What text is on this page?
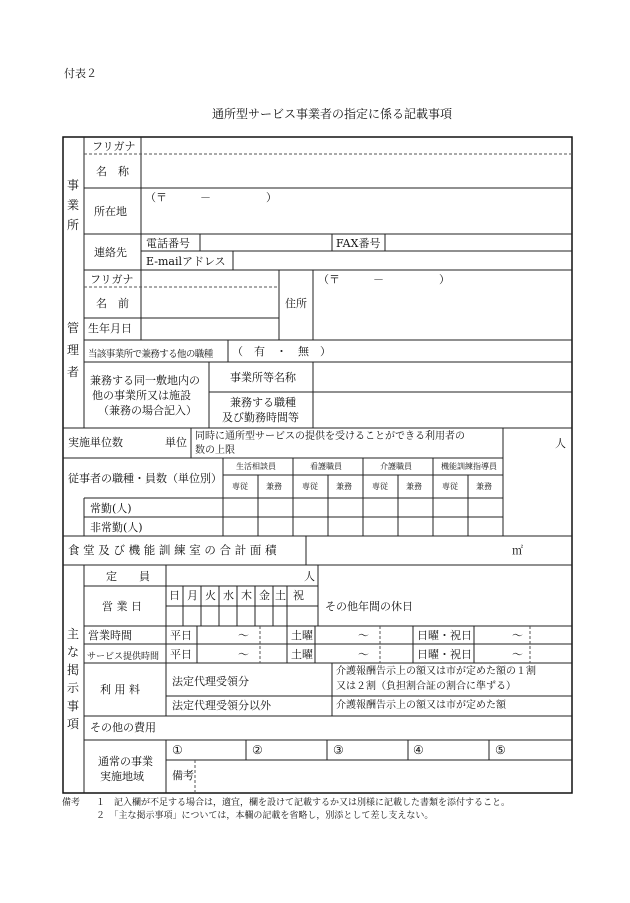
付表２
通所型サービス事業者の指定に係る記載事項
事
業
所
フリガナ
名　称
所在地
（〒　　　－　　　　　）
連絡先
電話番号	FAX番号
E-mailアドレス
管
理
者
フリガナ
名　前
生年月日
住所
（〒　　　－　　　　　）
当該事業所で兼務する他の職種 （　有　・　無　）
兼務する同一敷地内の
他の事業所又は施設
（兼務の場合記入）
事業所等名称
兼務する職種
及び勤務時間等
実施単位数	単位 同時に通所型サービスの提供を受けることができる利用者の
数の上限
人
従事者の職種・員数（単位別）
生活相談員	看護職員	介護職員	機能訓練指導員
専従 兼務	専従 兼務	専従 兼務	専従 兼務
常勤(人)
非常勤(人)
食 堂 及 び 機 能 訓 練 室 の 合 計 面 積	㎡
主
な
掲
示
事
項
定　　員	人
営 業 日
日 月 火 水 木 金 土 祝
その他年間の休日
営業時間
サービス提供時間
平日	～	土曜	～	日曜・祝日	～
平日	～	土曜	～	日曜・祝日	～
利 用 料
法定代理受領分
介護報酬告示上の額又は市が定めた額の１割
又は２割（負担割合証の割合に準ずる）
法定代理受領分以外	介護報酬告示上の額又は市が定めた額
その他の費用
通常の事業
実施地域
①	②	③	④	⑤
備 考
備考 １　記入欄が不足する場合は，適宜，欄を設けて記載するか又は別様に記載した書類を添付すること。
２　「主な掲示事項」については，本欄の記載を省略し，別添として差し支えない。
